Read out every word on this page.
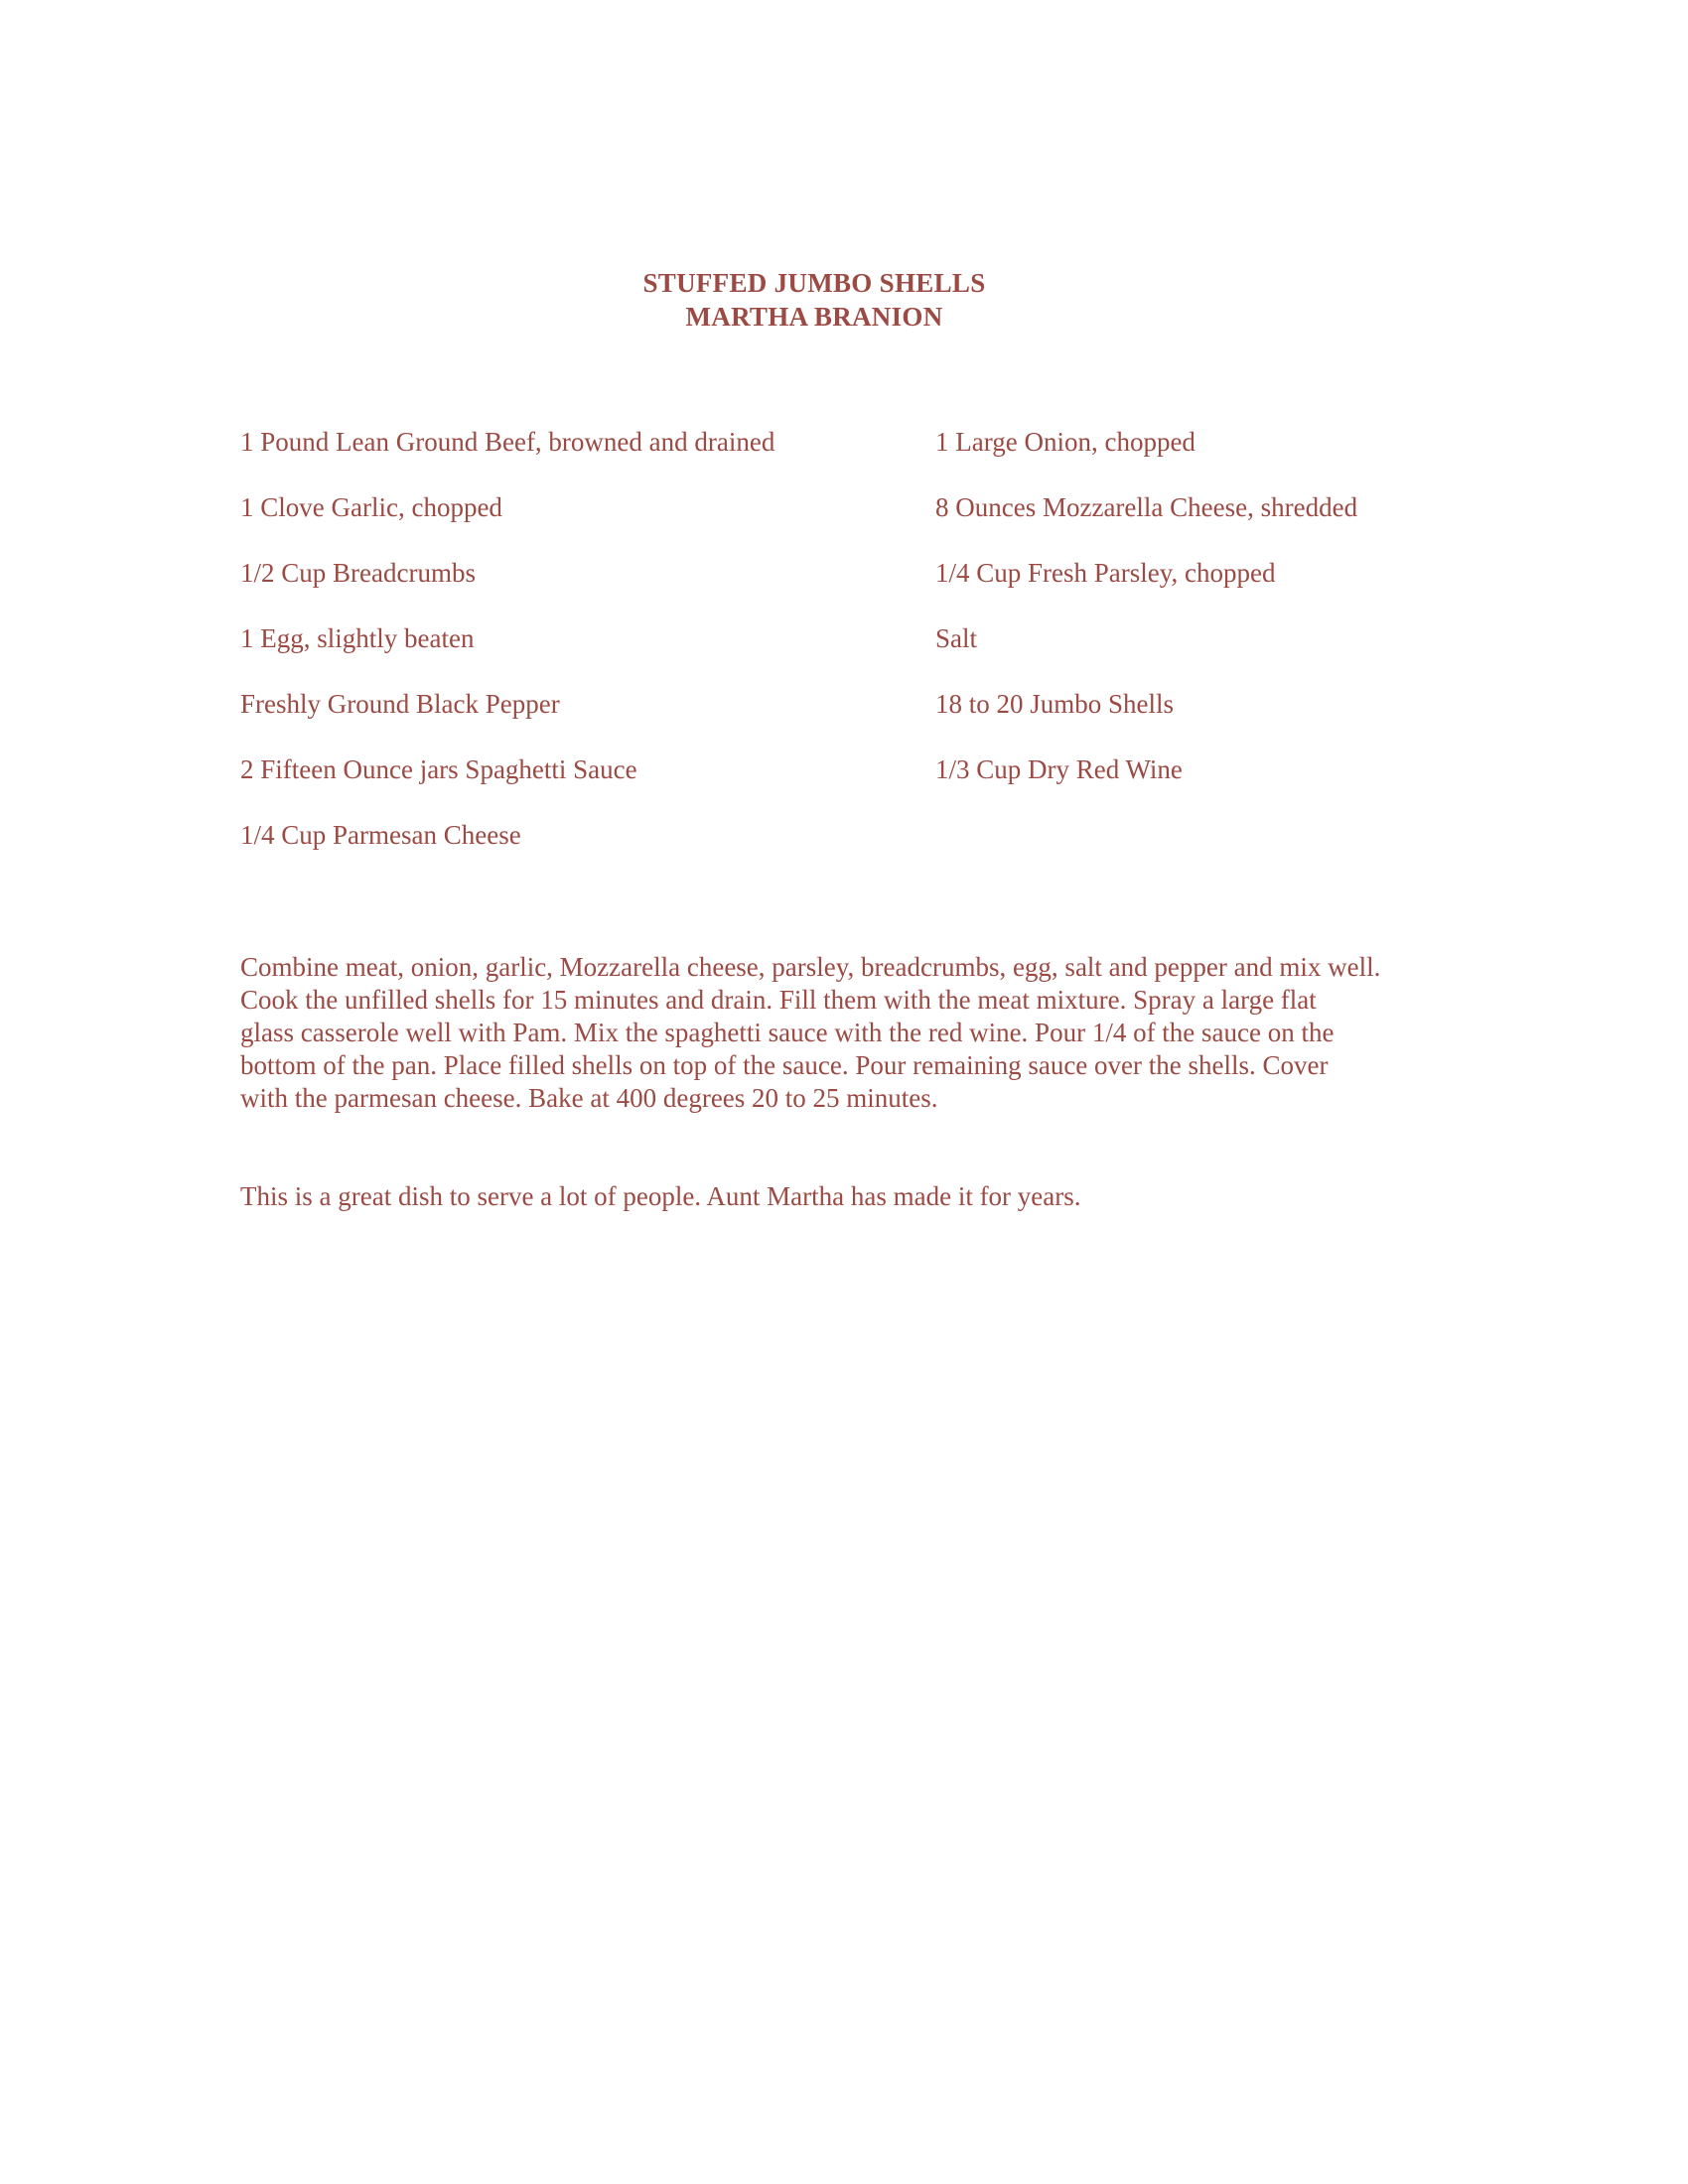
STUFFED JUMBO SHELLS
MARTHA BRANION
1 Pound Lean Ground Beef, browned and drained
1 Clove Garlic, chopped
1/2 Cup Breadcrumbs
1 Egg, slightly beaten
Freshly Ground Black Pepper
2 Fifteen Ounce jars Spaghetti Sauce
1/4 Cup Parmesan Cheese
1 Large Onion, chopped
8 Ounces Mozzarella Cheese, shredded
1/4 Cup Fresh Parsley, chopped
Salt
18 to 20 Jumbo Shells
1/3 Cup Dry Red Wine
Combine meat, onion, garlic, Mozzarella cheese, parsley, breadcrumbs, egg, salt and pepper and mix well.
Cook the unfilled shells for 15 minutes and drain. Fill them with the meat mixture. Spray a large flat
glass casserole well with Pam. Mix the spaghetti sauce with the red wine. Pour 1/4 of the sauce on the
bottom of the pan. Place filled shells on top of the sauce. Pour remaining sauce over the shells. Cover
with the parmesan cheese. Bake at 400 degrees 20 to 25 minutes.
This is a great dish to serve a lot of people. Aunt Martha has made it for years.
